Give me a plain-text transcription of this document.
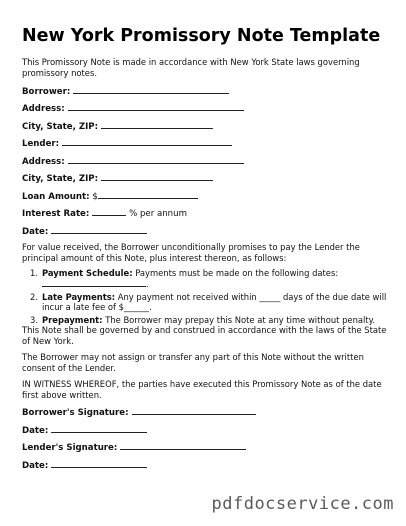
New York Promissory Note Template

This Promissory Note is made in accordance with New York State laws governing promissory notes.

Borrower:
Address:
City, State, ZIP:
Lender:
Address:
City, State, ZIP:
Loan Amount: $
Interest Rate:	% per annum
Date:

For value received, the Borrower unconditionally promises to pay the Lender the principal amount of this Note, plus interest thereon, as follows:

1. Payment Schedule: Payments must be made on the following dates:
.
2. Late Payments: Any payment not received within _____ days of the due date will incur a late fee of $______.
3. Prepayment: The Borrower may prepay this Note at any time without penalty.

This Note shall be governed by and construed in accordance with the laws of the State of New York.

The Borrower may not assign or transfer any part of this Note without the written consent of the Lender.

IN WITNESS WHEREOF, the parties have executed this Promissory Note as of the date first above written.

Borrower's Signature:
Date:
Lender's Signature:
Date:
pdfdocservice.com
